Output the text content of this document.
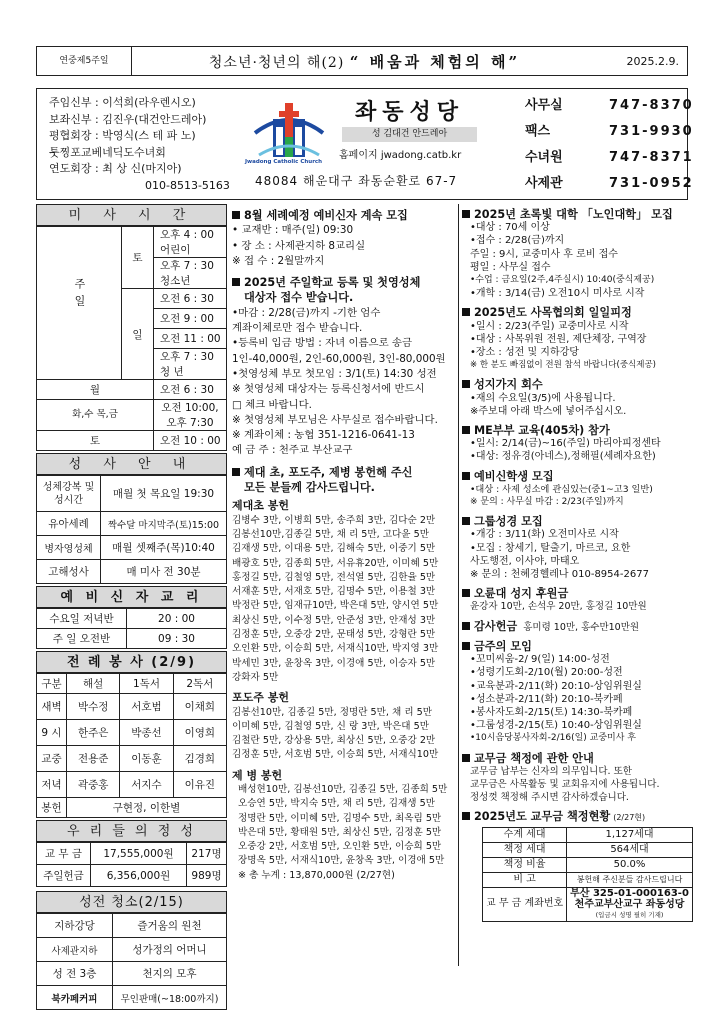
연중제5주일	청소년·청년의 해(2) “ 배움과 체험의 해”	2025.2.9.
주임신부 : 이석희(라우렌시오)
보좌신부 : 김진우(대건안드레아)
평협회장 : 박영식(스 테 파 노)
툿찡포교베네딕도수녀회
연도회장 : 최 상 신(마지아)
010-8513-5163
Jwadong Catholic Church
좌동성당
성 김대건 안드레아
홈페이지 jwadong.catb.kr
48084 해운대구 좌동순환로 67-7
사무실	747-8370
팩스	731-9930
수녀원	747-8371
사제관	731-0952
미 사 시 간
주일	토	오후 4 : 00 어린이
		오후 7 : 30 청소년
	일	오전 6 : 30
		오전 9 : 00
		오전 11 : 00
		오후 7 : 30 청 년
월		오전 6 : 30
화,수 목,금		오전 10:00, 오후 7:30
토		오전 10 : 00
성 사 안 내
성체강복 및 성시간	매월 첫 목요일 19:30
유아세례	짝수달 마지막주(토)15:00
병자영성체	매월 셋째주(목)10:40
고해성사	매 미사 전 30분
예 비 신 자 교 리
수요일 저녁반	20 : 00
주 일 오전반	09 : 30
전 례 봉 사 (2/9)
구분	해설	1독서	2독서
새벽	박수정	서호범	이채희
9 시	한주은	박종선	이영희
교중	전용준	이동훈	김경희
저녁	곽중홍	서지수	이유진
봉헌	구현정, 이한별		
우 리 들 의 정 성
교 무 금	17,555,000원	217명
주일헌금	6,356,000원	989명
성전 청소(2/15)
지하강당	즐거움의 원천
사제관지하	성가정의 어머니
성 전 3층	천지의 모후
북카페커피	무인판매(~18:00까지)
8월 세례예정 예비신자 계속 모집
• 교재반 : 매주(일) 09:30
• 장 소 : 사제관지하 8교리실
※ 접 수 : 2월말까지
2025년 주일학교 등록 및 첫영성체
대상자 접수 받습니다.
•마감 : 2/28(금)까지 -기한 엄수
계좌이체로만 접수 받습니다.
•등록비 입금 방법 : 자녀 이름으로 송금
1인-40,000원, 2인-60,000원, 3인-80,000원
•첫영성체 부모 첫모임 : 3/1(토) 14:30 성전
※ 첫영성체 대상자는 등록신청서에 반드시
□ 체크 바랍니다.
※ 첫영성체 부모님은 사무실로 접수바랍니다.
※ 계좌이체 : 농협 351-1216-0641-13
예 금 주 : 천주교 부산교구
제대 초, 포도주, 제병 봉헌해 주신
모든 분들께 감사드립니다.
제대초 봉헌
김병수 3만, 이병희 5만, 송주희 3만, 김다순 2만
김봉선10만,김종길 5만, 채 리 5만, 고다윤 5만
김재생 5만, 이대용 5만, 김해숙 5만, 이중기 5만
배광호 5만, 김종희 5만, 서유휴20만, 이미혜 5만
홍정길 5만, 김철영 5만, 전석열 5만, 김한율 5만
서재훈 5만, 서재호 5만, 김명수 5만, 이용철 3만
박정란 5만, 임재규10만, 박은대 5만, 양시연 5만
최상신 5만, 이수정 5만, 안준성 3만, 안재성 3만
김정훈 5만, 오중강 2만, 문태성 5만, 강형란 5만
오인환 5만, 이승희 5만, 서재식10만, 박지영 3만
박세민 3만, 윤창옥 3만, 이경애 5만, 이승자 5만
강화자 5만
포도주 봉헌
김봉선10만, 김종길 5만, 정명란 5만, 채 리 5만
이미혜 5만, 김철영 5만, 신 랑 3만, 박은대 5만
김철란 5만, 강상용 5만, 최상신 5만, 오중강 2만
김정훈 5만, 서호범 5만, 이승희 5만, 서재식10만
제 병 봉헌
배성현10만, 김봉선10만, 김종길 5만, 김종희 5만
오승연 5만, 박지숙 5만, 채 리 5만, 김재생 5만
정명란 5만, 이미혜 5만, 김명수 5만, 최옥림 5만
박은대 5만, 황태원 5만, 최상신 5만, 김정훈 5만
오중강 2만, 서호범 5만, 오인환 5만, 이승희 5만
장명옥 5만, 서재식10만, 윤창옥 3만, 이경애 5만
※ 총 누계 : 13,870,000원 (2/27현)
2025년 초록빛 대학 「노인대학」 모집
•대상 : 70세 이상
•접수 : 2/28(금)까지
주일 : 9시, 교중미사 후 로비 접수
평일 : 사무실 접수
•수업 : 금요일(2주,4주실시) 10:40(중식제공)
•개학 : 3/14(금) 오전10시 미사로 시작
2025년도 사목협의회 일일피정
•일시 : 2/23(주일) 교중미사로 시작
•대상 : 사목위원 전원, 제단체장, 구역장
•장소 : 성전 및 지하강당
※ 한 분도 빠짐없이 전원 참석 바랍니다(중식제공)
성지가지 회수
•재의 수요일(3/5)에 사용됩니다.
※주보대 아래 박스에 넣어주십시오.
ME부부 교육(405차) 참가
•일시: 2/14(금)~16(주일) 마리아피정센타
•대상: 정유경(아네스),정해필(세례자요한)
예비신학생 모집
•대상 : 사제 성소에 관심있는(중1~고3 일반)
※ 문의 : 사무실 마감 : 2/23(주일)까지
그룹성경 모집
•개강 : 3/11(화) 오전미사로 시작
•모집 : 창세기, 탈출기, 마르코, 요한
사도행전, 이사야, 마태오
※ 문의 : 천혜경헬레나 010-8954-2677
오륜대 성지 후원금
윤강자 10만, 손석우 20만, 홍정길 10만원
감사헌금 홍미령 10만, 홍수만10만원
금주의 모임
•꼬미씨움-2/ 9(일) 14:00-성전
•성령기도회-2/10(월) 20:00-성전
•교육분과-2/11(화) 20:10-상임위원실
•성소분과-2/11(화) 20:10-북카페
•봉사자도회-2/15(토) 14:30-북카페
•그룹성경-2/15(토) 10:40-상임위원실
•10시음당봉사자회-2/16(일) 교중미사 후
교무금 책정에 관한 안내
교무금 납부는 신자의 의무입니다. 또한
교무금은 사목활동 및 교회유지에 사용됩니다.
정성껏 책정해 주시면 감사하겠습니다.
2025년도 교무금 책정현황 (2/27현)
수계 세대	1,127세대
책정 세대	564세대
책정 비율	50.0%
비 고	봉헌해 주신분들 감사드립니다
교 무 금 계좌번호	부산 325-01-000163-0
천주교부산교구 좌동성당
(입금시 성명 필히 기재)
